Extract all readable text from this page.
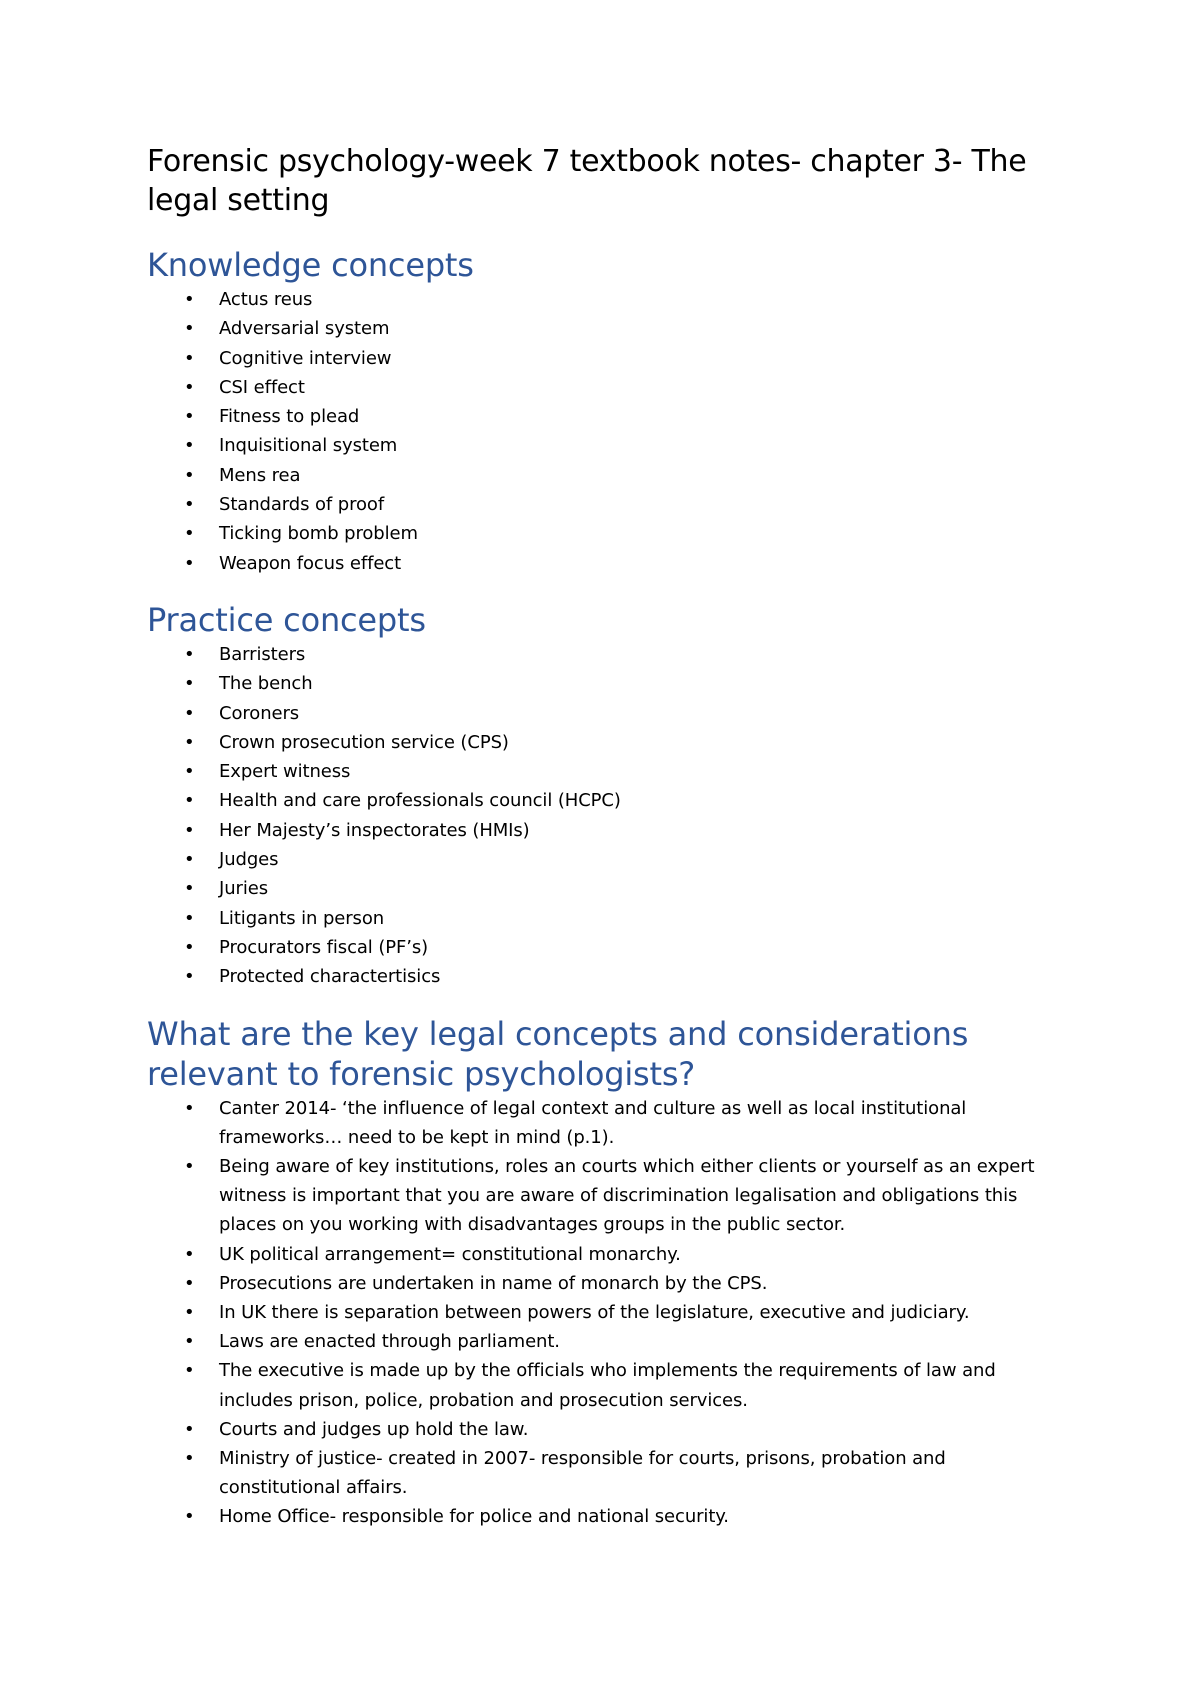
Forensic psychology-week 7 textbook notes- chapter 3- The legal setting
Knowledge concepts
• Actus reus
• Adversarial system
• Cognitive interview
• CSI effect
• Fitness to plead
• Inquisitional system
• Mens rea
• Standards of proof
• Ticking bomb problem
• Weapon focus effect
Practice concepts
• Barristers
• The bench
• Coroners
• Crown prosecution service (CPS)
• Expert witness
• Health and care professionals council (HCPC)
• Her Majesty’s inspectorates (HMIs)
• Judges
• Juries
• Litigants in person
• Procurators fiscal (PF’s)
• Protected charactertisics
What are the key legal concepts and considerations relevant to forensic psychologists?
• Canter 2014- ‘the influence of legal context and culture as well as local institutional frameworks… need to be kept in mind (p.1).
• Being aware of key institutions, roles an courts which either clients or yourself as an expert witness is important that you are aware of discrimination legalisation and obligations this places on you working with disadvantages groups in the public sector.
• UK political arrangement= constitutional monarchy.
• Prosecutions are undertaken in name of monarch by the CPS.
• In UK there is separation between powers of the legislature, executive and judiciary.
• Laws are enacted through parliament.
• The executive is made up by the officials who implements the requirements of law and includes prison, police, probation and prosecution services.
• Courts and judges up hold the law.
• Ministry of justice- created in 2007- responsible for courts, prisons, probation and constitutional affairs.
• Home Office- responsible for police and national security.
